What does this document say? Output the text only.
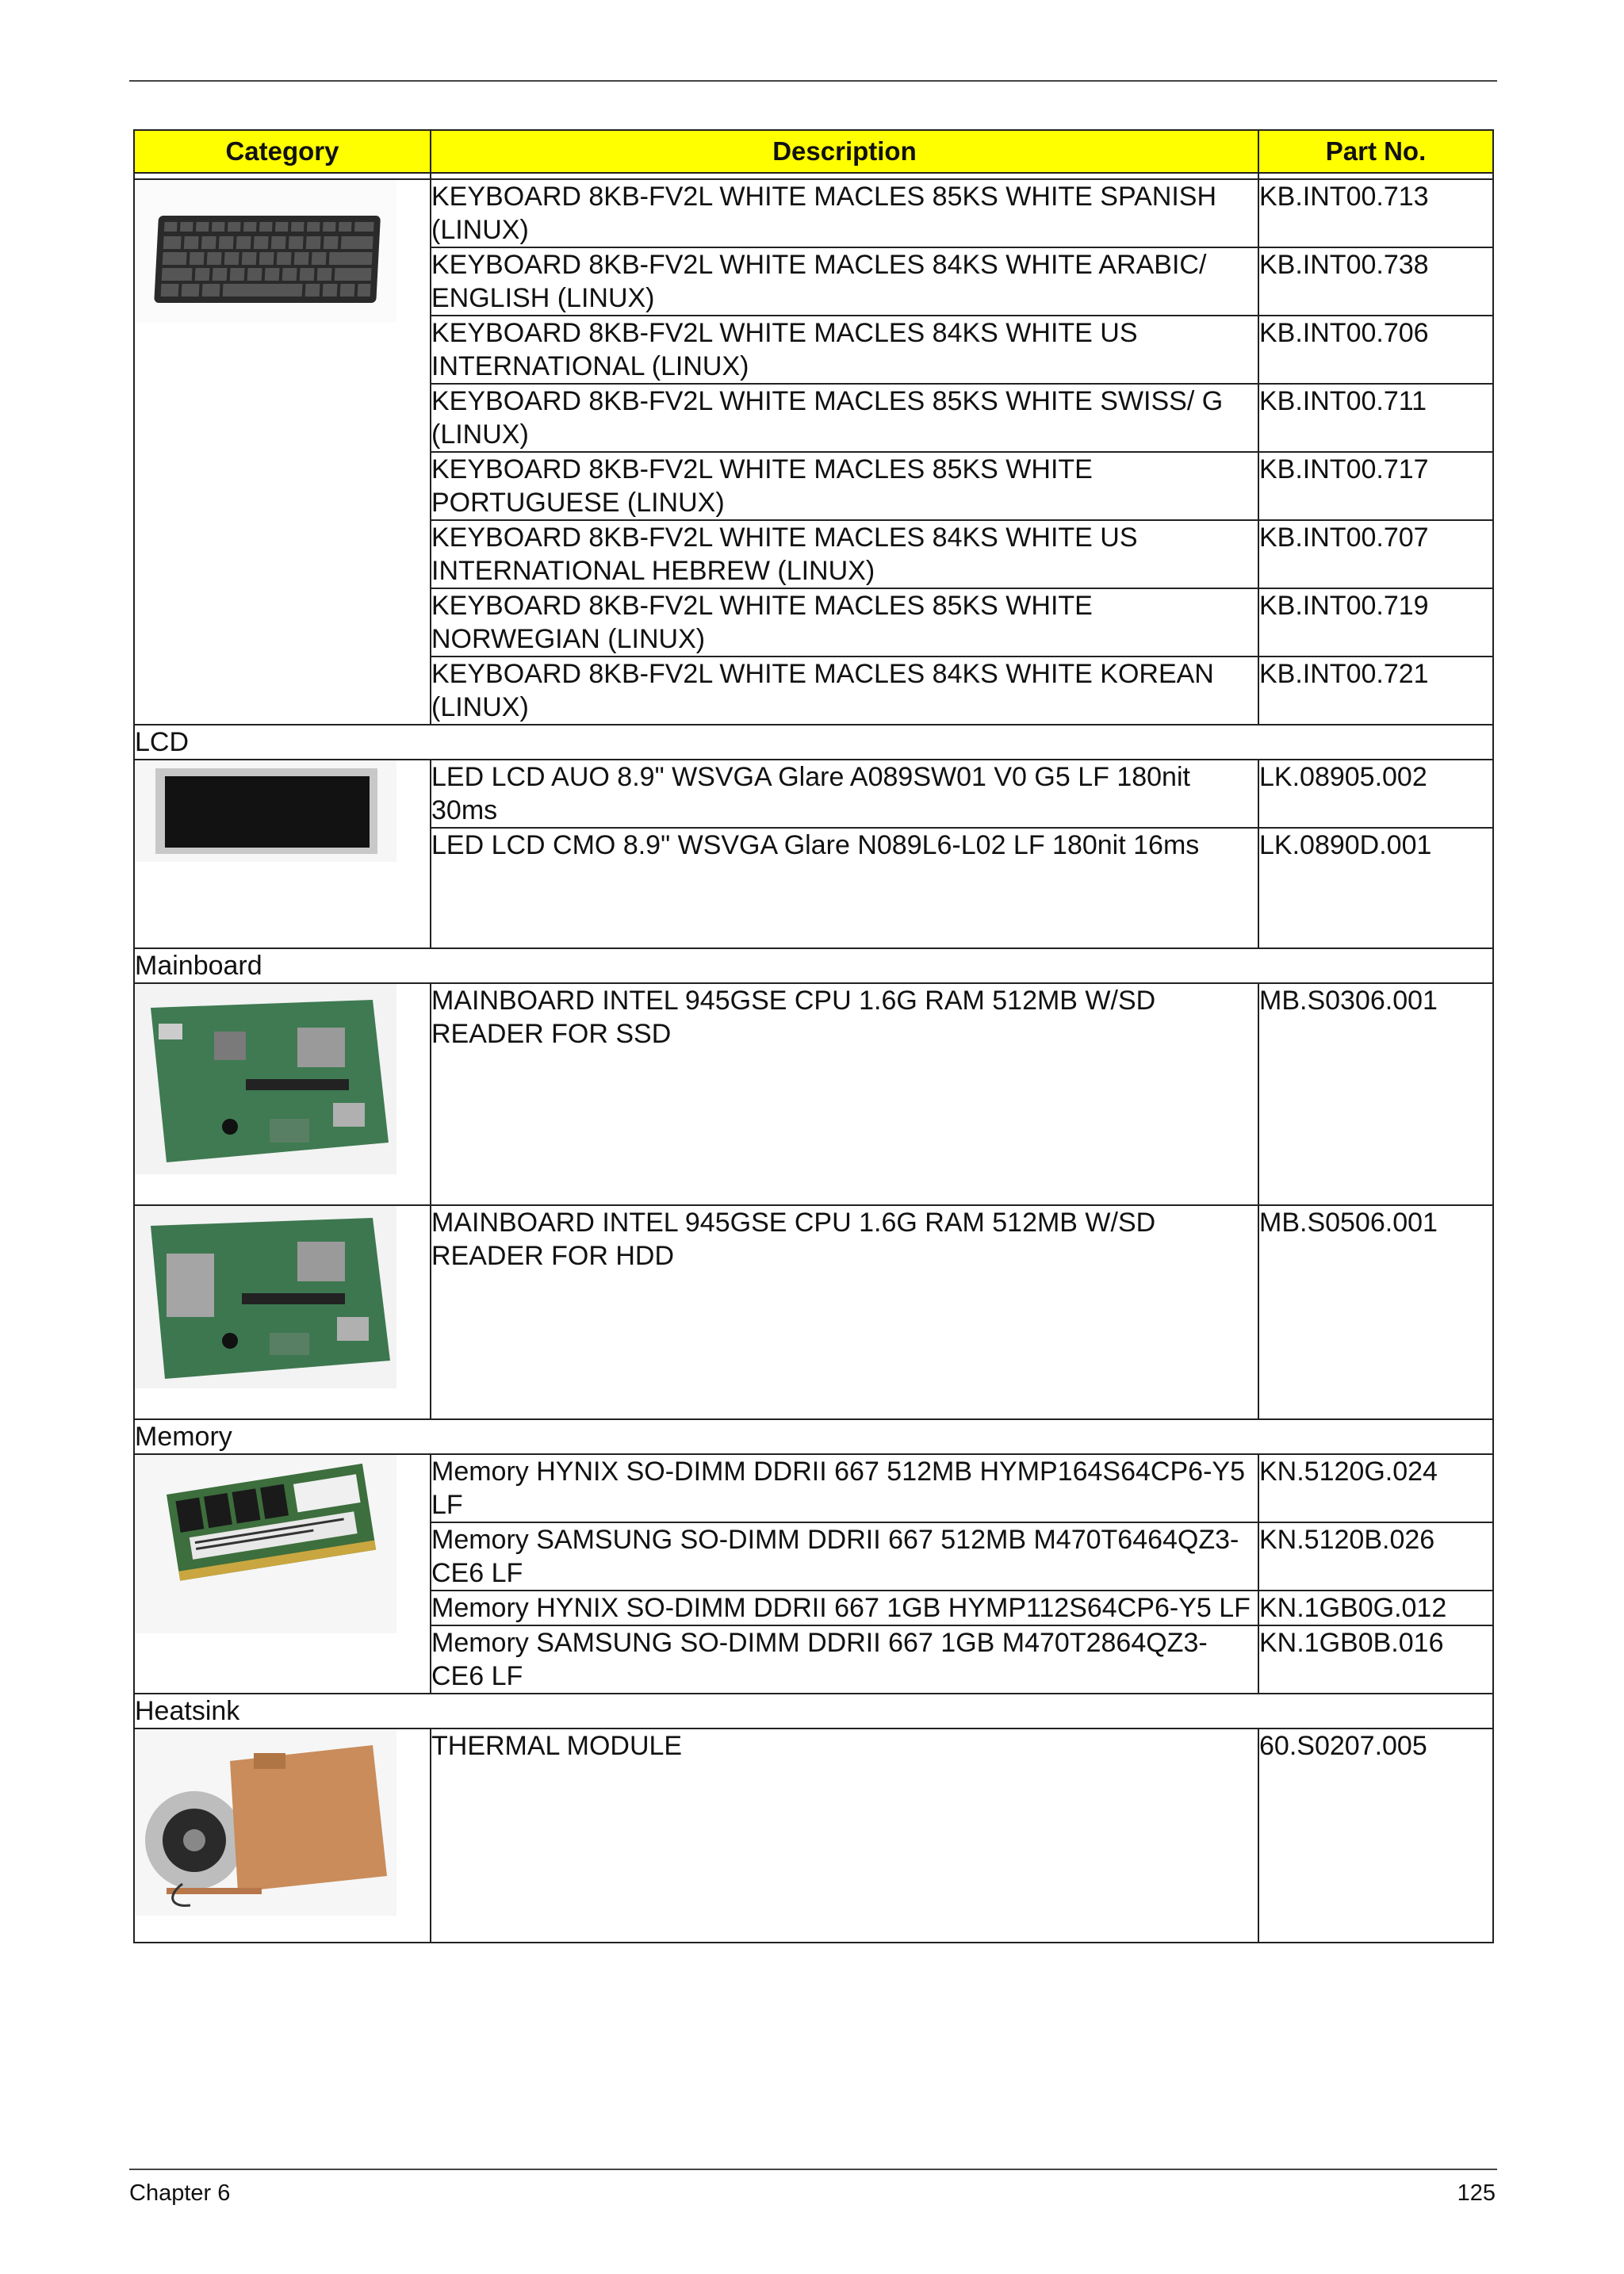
Category	Description	Part No.

	KEYBOARD 8KB-FV2L WHITE MACLES 85KS WHITE SPANISH (LINUX)	KB.INT00.713
	KEYBOARD 8KB-FV2L WHITE MACLES 84KS WHITE ARABIC/ ENGLISH (LINUX)	KB.INT00.738
	KEYBOARD 8KB-FV2L WHITE MACLES 84KS WHITE US INTERNATIONAL (LINUX)	KB.INT00.706
	KEYBOARD 8KB-FV2L WHITE MACLES 85KS WHITE SWISS/ G (LINUX)	KB.INT00.711
	KEYBOARD 8KB-FV2L WHITE MACLES 85KS WHITE PORTUGUESE (LINUX)	KB.INT00.717
	KEYBOARD 8KB-FV2L WHITE MACLES 84KS WHITE US INTERNATIONAL HEBREW (LINUX)	KB.INT00.707
	KEYBOARD 8KB-FV2L WHITE MACLES 85KS WHITE NORWEGIAN (LINUX)	KB.INT00.719
	KEYBOARD 8KB-FV2L WHITE MACLES 84KS WHITE KOREAN (LINUX)	KB.INT00.721
LCD		

	LED LCD AUO 8.9" WSVGA Glare A089SW01 V0 G5 LF 180nit 30ms	LK.08905.002
	LED LCD CMO 8.9" WSVGA Glare N089L6-L02 LF 180nit 16ms	LK.0890D.001
Mainboard		

	MAINBOARD INTEL 945GSE CPU 1.6G RAM 512MB W/SD READER FOR SSD	MB.S0306.001

	MAINBOARD INTEL 945GSE CPU 1.6G RAM 512MB W/SD READER FOR HDD	MB.S0506.001
Memory		

	Memory HYNIX SO-DIMM DDRII 667 512MB HYMP164S64CP6-Y5 LF	KN.5120G.024
	Memory SAMSUNG SO-DIMM DDRII 667 512MB M470T6464QZ3-CE6 LF	KN.5120B.026
	Memory HYNIX SO-DIMM DDRII 667 1GB HYMP112S64CP6-Y5 LF	KN.1GB0G.012
	Memory SAMSUNG SO-DIMM DDRII 667 1GB M470T2864QZ3-CE6 LF	KN.1GB0B.016
Heatsink		

	THERMAL MODULE	60.S0207.005
Chapter 6	125
